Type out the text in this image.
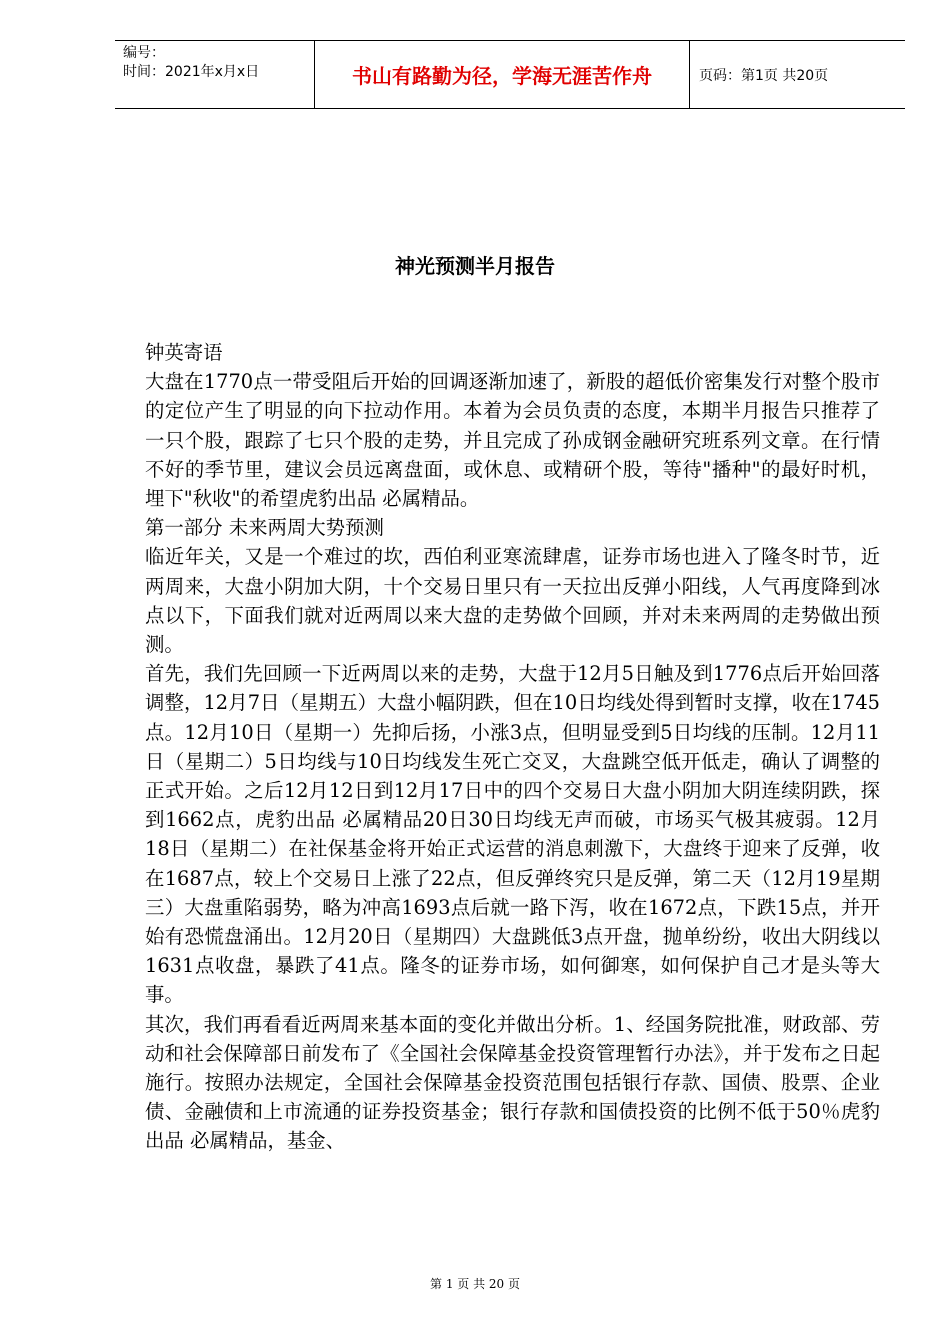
编号：
时间：2021年x月x日	书山有路勤为径，学海无涯苦作舟	页码：第1页 共20页
神光预测半月报告

钟英寄语

大盘在1770点一带受阻后开始的回调逐渐加速了，新股的超低价密集发行对整个股市的定位产生了明显的向下拉动作用。本着为会员负责的态度，本期半月报告只推荐了一只个股，跟踪了七只个股的走势，并且完成了孙成钢金融研究班系列文章。在行情不好的季节里，建议会员远离盘面，或休息、或精研个股，等待"播种"的最好时机，埋下"秋收"的希望虎豹出品 必属精品。

第一部分 未来两周大势预测

临近年关，又是一个难过的坎，西伯利亚寒流肆虐，证券市场也进入了隆冬时节，近两周来，大盘小阴加大阴，十个交易日里只有一天拉出反弹小阳线，人气再度降到冰点以下，下面我们就对近两周以来大盘的走势做个回顾，并对未来两周的走势做出预测。

首先，我们先回顾一下近两周以来的走势，大盘于12月5日触及到1776点后开始回落调整，12月7日（星期五）大盘小幅阴跌，但在10日均线处得到暂时支撑，收在1745点。12月10日（星期一）先抑后扬，小涨3点，但明显受到5日均线的压制。12月11日（星期二）5日均线与10日均线发生死亡交叉，大盘跳空低开低走，确认了调整的正式开始。之后12月12日到12月17日中的四个交易日大盘小阴加大阴连续阴跌，探到1662点，虎豹出品 必属精品20日30日均线无声而破，市场买气极其疲弱。12月18日（星期二）在社保基金将开始正式运营的消息刺激下，大盘终于迎来了反弹，收在1687点，较上个交易日上涨了22点，但反弹终究只是反弹，第二天（12月19星期三）大盘重陷弱势，略为冲高1693点后就一路下泻，收在1672点，下跌15点，并开始有恐慌盘涌出。12月20日（星期四）大盘跳低3点开盘，抛单纷纷，收出大阴线以1631点收盘，暴跌了41点。隆冬的证券市场，如何御寒，如何保护自己才是头等大事。

其次，我们再看看近两周来基本面的变化并做出分析。1、经国务院批准，财政部、劳动和社会保障部日前发布了《全国社会保障基金投资管理暂行办法》，并于发布之日起施行。按照办法规定，全国社会保障基金投资范围包括银行存款、国债、股票、企业债、金融债和上市流通的证券投资基金；银行存款和国债投资的比例不低于50％虎豹出品 必属精品，基金、

第 1 页 共 20 页
